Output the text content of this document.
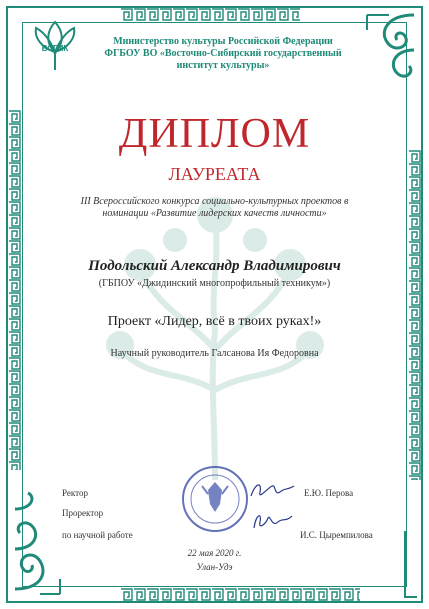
ВСГИК
Министерство культуры Российской Федерации
ФГБОУ ВО «Восточно-Сибирский государственный
институт культуры»
ДИПЛОМ
ЛАУРЕАТА
III Всероссийского конкурса социально-культурных проектов в
номинации «Развитие лидерских качеств личности»
Подольский Александр Владимирович
(ГБПОУ «Джидинский многопрофильный техникум»)
Проект «Лидер, всё в твоих руках!»
Научный руководитель Галсанова Ия Федоровна
Ректор
Проректор
по научной работе
Е.Ю. Перова
И.С. Цыремпилова
22 мая 2020 г.
Улан-Удэ
